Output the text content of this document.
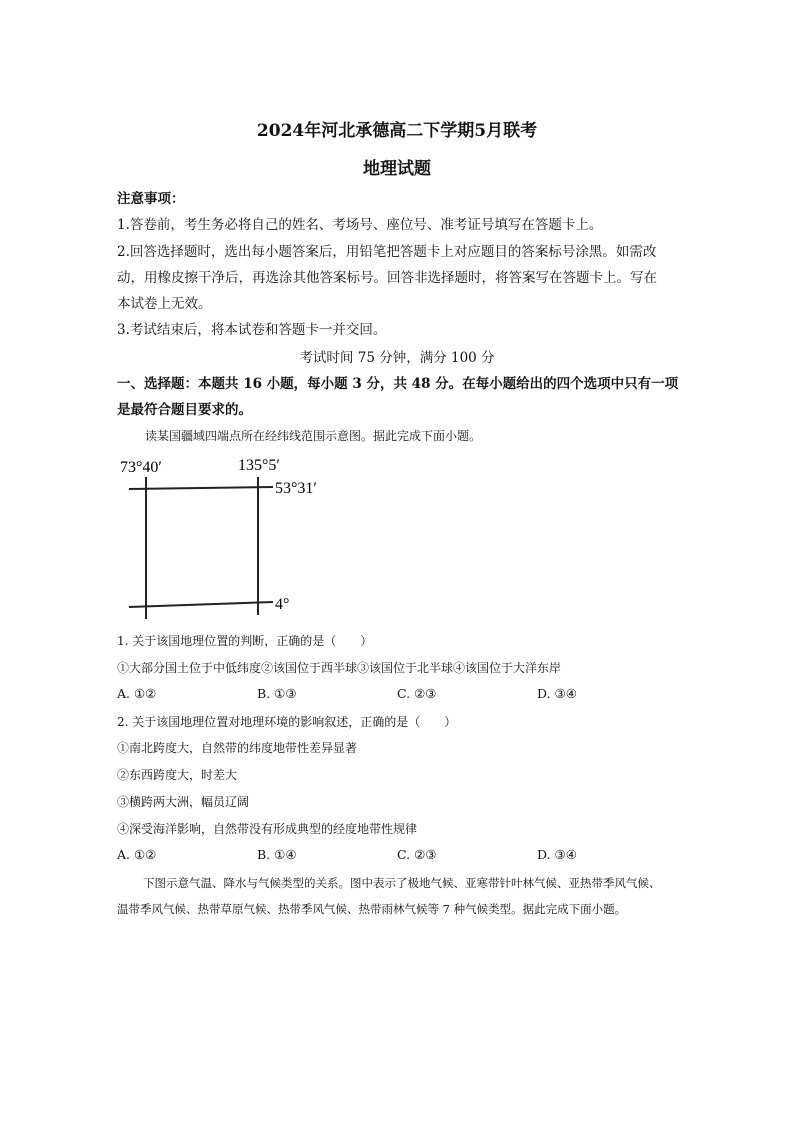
2024年河北承德高二下学期5月联考
地理试题
注意事项：
1.答卷前，考生务必将自己的姓名、考场号、座位号、准考证号填写在答题卡上。
2.回答选择题时，选出每小题答案后，用铅笔把答题卡上对应题目的答案标号涂黑。如需改
动，用橡皮擦干净后，再选涂其他答案标号。回答非选择题时，将答案写在答题卡上。写在
本试卷上无效。
3.考试结束后，将本试卷和答题卡一并交回。
考试时间 75 分钟，满分 100 分
一、选择题：本题共 16 小题，每小题 3 分，共 48 分。在每小题给出的四个选项中只有一项
是最符合题目要求的。
读某国疆域四端点所在经纬线范围示意图。据此完成下面小题。
73°40′	135°5′
53°31′
4°
1. 关于该国地理位置的判断，正确的是（　　）
①大部分国土位于中低纬度②该国位于西半球③该国位于北半球④该国位于大洋东岸
A. ①②	B. ①③	C. ②③	D. ③④
2. 关于该国地理位置对地理环境的影响叙述，正确的是（　　）
①南北跨度大，自然带的纬度地带性差异显著
②东西跨度大，时差大
③横跨两大洲，幅员辽阔
④深受海洋影响，自然带没有形成典型的经度地带性规律
A. ①②	B. ①④	C. ②③	D. ③④
下图示意气温、降水与气候类型的关系。图中表示了极地气候、亚寒带针叶林气候、亚热带季风气候、
温带季风气候、热带草原气候、热带季风气候、热带雨林气候等 7 种气候类型。据此完成下面小题。
